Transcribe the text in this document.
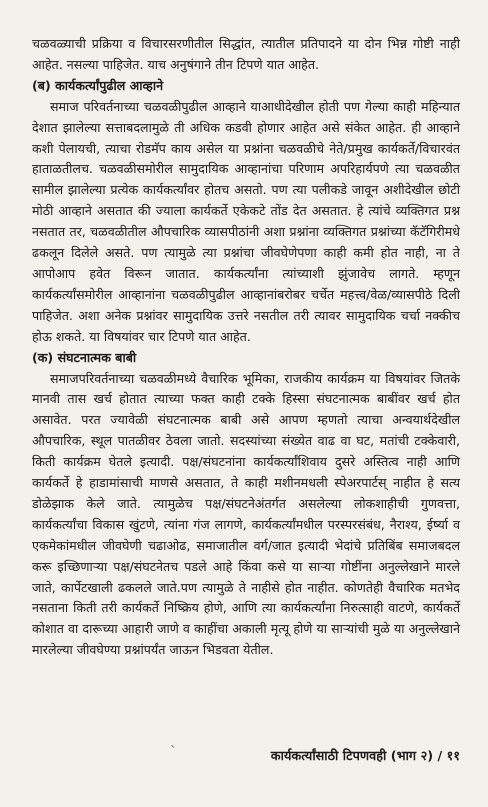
चळवळ्याची प्रक्रिया व विचारसरणीतील सिद्धांत, त्यातील प्रतिपादने या दोन भिन्न गोष्टी नाही आहेत. नसल्या पाहिजेत. याच अनुषंगाने तीन टिपणे यात आहेत.

(ब) कार्यकर्त्यांपुढील आव्हाने

समाज परिवर्तनाच्या चळवळीपुढील आव्हाने याआधीदेखील होती पण गेल्या काही महिन्यात देशात झालेल्या सत्ताबदलामुळे ती अधिक कडवी होणार आहेत असे संकेत आहेत. ही आव्हाने कशी पेलायची, त्याचा रोडमॅप काय असेल या प्रश्नांना चळवळीचे नेते/प्रमुख कार्यकर्ते/विचारवंत हाताळतीलच. चळवळीसमोरील सामुदायिक आव्हानांचा परिणाम अपरिहार्यपणे त्या चळवळीत सामील झालेल्या प्रत्येक कार्यकर्त्यांवर होतच असतो. पण त्या पलीकडे जावून अशीदेखील छोटी मोठी आव्हाने असतात की ज्याला कार्यकर्ते एकेकटे तोंड देत असतात. हे त्यांचे व्यक्तिगत प्रश्न नसतात तर, चळवळीतील औपचारिक व्यासपीठांनी अशा प्रश्नांना व्यक्तिगत प्रश्नांच्या कॅटॅगिरीमधे ढकलून दिलेले असते. पण त्यामुळे त्या प्रश्नांचा जीवघेणेपणा काही कमी होत नाही, ना ते आपोआप हवेत विरून जातात. कार्यकर्त्यांना त्यांच्याशी झुंजावेच लागते. म्हणून कार्यकर्त्यांसमोरील आव्हानांना चळवळीपुढील आव्हानांबरोबर चर्चेत महत्त्व/वेळ/व्यासपीठे दिली पाहिजेत. अशा अनेक प्रश्नांवर सामुदायिक उत्तरे नसतील तरी त्यावर सामुदायिक चर्चा नक्कीच होऊ शकते. या विषयांवर चार टिपणे यात आहेत.

(क) संघटनात्मक बाबी

समाजपरिवर्तनाच्या चळवळीमध्ये वैचारिक भूमिका, राजकीय कार्यक्रम या विषयांवर जितके मानवी तास खर्च होतात त्याच्या फक्त काही टक्के हिस्सा संघटनात्मक बाबींवर खर्च होत असावेत. परत ज्यावेळी संघटनात्मक बाबी असे आपण म्हणतो त्याचा अन्वयार्थदेखील औपचारिक, स्थूल पातळीवर ठेवला जातो. सदस्यांच्या संख्येत वाढ वा घट, मतांची टक्केवारी, किती कार्यक्रम घेतले इत्यादी. पक्ष/संघटनांना कार्यकर्त्यांशिवाय दुसरे अस्तित्व नाही आणि कार्यकर्ते हे हाडामांसाची माणसे असतात, ते काही मशीनमधली स्पेअरपार्टस् नाहीत हे सत्य डोळेझाक केले जाते. त्यामुळेच पक्ष/संघटनेअंतर्गत असलेल्या लोकशाहीची गुणवत्ता, कार्यकर्त्यांचा विकास खुंटणे, त्यांना गंज लागणे, कार्यकर्त्यांमधील परस्परसंबंध, नैराश्य, ईर्ष्या व एकमेकांमधील जीवघेणी चढाओढ, समाजातील वर्ग/जात इत्यादी भेदांचे प्रतिबिंब समाजबदल करू इच्छिणाऱ्या पक्ष/संघटनेतच पडले आहे किंवा कसे या साऱ्या गोष्टींना अनुल्लेखाने मारले जाते, कार्पेटखाली ढकलले जाते.पण त्यामुळे ते नाहीसे होत नाहीत. कोणतेही वैचारिक मतभेद नसताना किती तरी कार्यकर्ते निष्क्रिय होणे, आणि त्या कार्यकर्त्यांना निरुत्साही वाटणे, कार्यकर्ते कोशात वा दारूच्या आहारी जाणे व काहींचा अकाली मृत्यू होणे या साऱ्यांची मुळे या अनुल्लेखाने मारलेल्या जीवघेण्या प्रश्नांपर्यंत जाऊन भिडवता येतील.

`	कार्यकर्त्यांसाठी टिपणवही (भाग २) / ११
